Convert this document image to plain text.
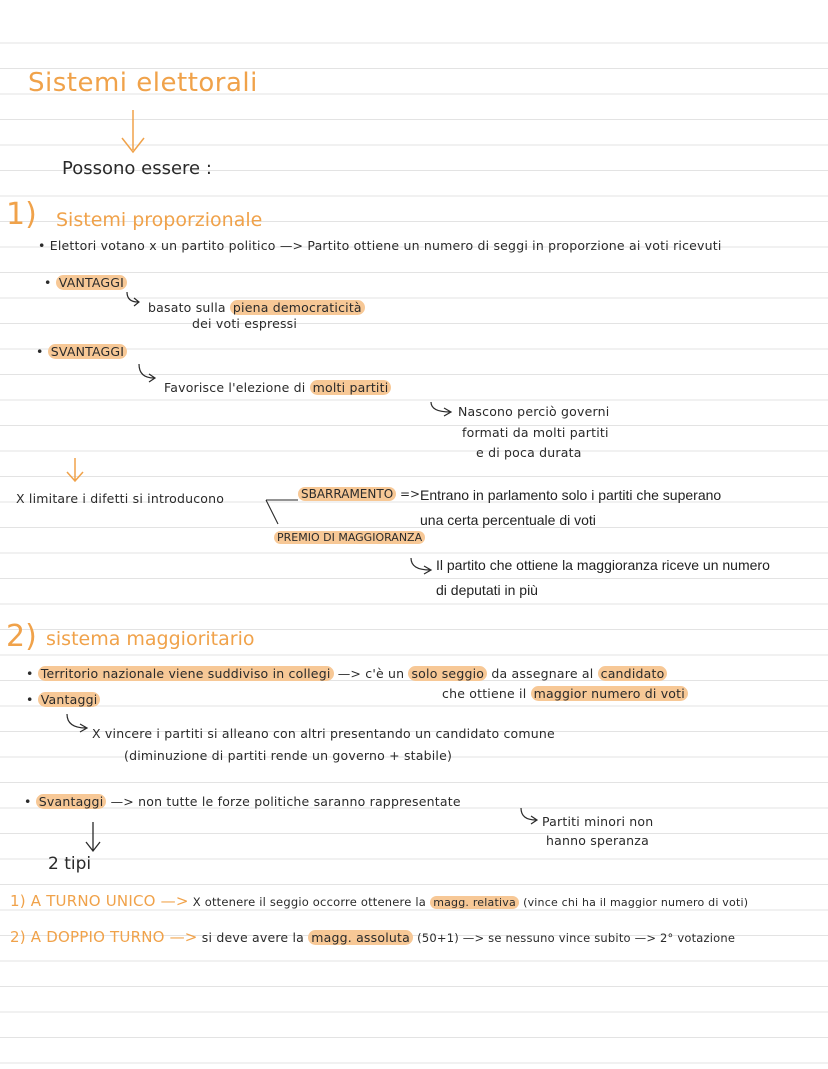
Sistemi elettorali
Possono essere :
1) Sistemi proporzionale
• Elettori votano x un partito politico —> Partito ottiene un numero di seggi in proporzione ai voti ricevuti
• VANTAGGI
basato sulla piena democraticità
dei voti espressi
• SVANTAGGI
Favorisce l'elezione di molti partiti
Nascono perciò governi
formati da molti partiti
e di poca durata
X limitare i difetti si introducono	SBARRAMENTO => Entrano in parlamento solo i partiti che superano
una certa percentuale di voti
PREMIO DI MAGGIORANZA
Il partito che ottiene la maggioranza riceve un numero
di deputati in più
2) sistema maggioritario
• Territorio nazionale viene suddiviso in collegi —> c'è un solo seggio da assegnare al candidato
che ottiene il maggior numero di voti
• Vantaggi
X vincere i partiti si alleano con altri presentando un candidato comune
(diminuzione di partiti rende un governo + stabile)
• Svantaggi —> non tutte le forze politiche saranno rappresentate
Partiti minori non
hanno speranza
2 tipi
1) A TURNO UNICO —> X ottenere il seggio occorre ottenere la magg. relativa (vince chi ha il maggior numero di voti)
2) A DOPPIO TURNO —> si deve avere la magg. assoluta (50+1) —> se nessuno vince subito —> 2° votazione
